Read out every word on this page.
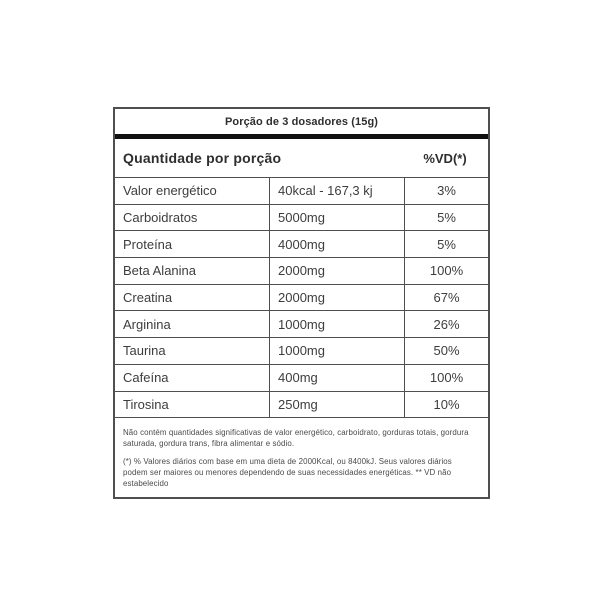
Porção de 3 dosadores (15g)
Quantidade por porção	%VD(*)
Valor energético	40kcal - 167,3 kj	3%
Carboidratos	5000mg	5%
Proteína	4000mg	5%
Beta Alanina	2000mg	100%
Creatina	2000mg	67%
Arginina	1000mg	26%
Taurina	1000mg	50%
Cafeína	400mg	100%
Tirosina	250mg	10%

Não contém quantidades significativas de valor energético, carboidrato, gorduras totais, gordura saturada, gordura trans, fibra alimentar e sódio.

(*) % Valores diários com base em uma dieta de 2000Kcal, ou 8400kJ. Seus valores diários podem ser maiores ou menores dependendo de suas necessidades energéticas. ** VD não estabelecido
